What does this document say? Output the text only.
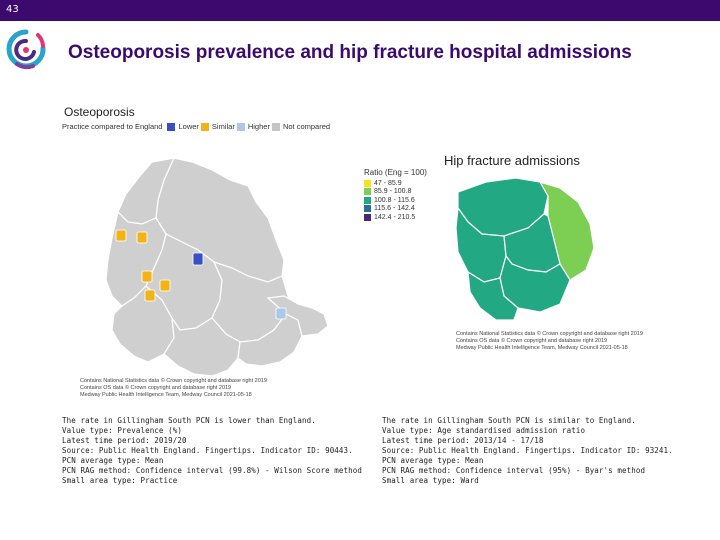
43
Osteoporosis prevalence and hip fracture hospital admissions
Osteoporosis
Practice compared to England Lower Similar Higher Not compared
Contains National Statistics data © Crown copyright and database right 2019
Contains OS data © Crown copyright and database right 2019
Medway Public Health Intelligence Team, Medway Council 2021-05-18
Hip fracture admissions
Ratio (Eng = 100)
47 - 85.9
85.9 - 100.8
100.8 - 115.6
115.6 - 142.4
142.4 - 210.5
Contains National Statistics data © Crown copyright and database right 2019
Contains OS data © Crown copyright and database right 2019
Medway Public Health Intelligence Team, Medway Council 2021-05-18
The rate in Gillingham South PCN is lower than England.
Value type: Prevalence (%)
Latest time period: 2019/20
Source: Public Health England. Fingertips. Indicator ID: 90443.
PCN average type: Mean
PCN RAG method: Confidence interval (99.8%) - Wilson Score method
Small area type: Practice
The rate in Gillingham South PCN is similar to England.
Value type: Age standardised admission ratio
Latest time period: 2013/14 - 17/18
Source: Public Health England. Fingertips. Indicator ID: 93241.
PCN average type: Mean
PCN RAG method: Confidence interval (95%) - Byar's method
Small area type: Ward
